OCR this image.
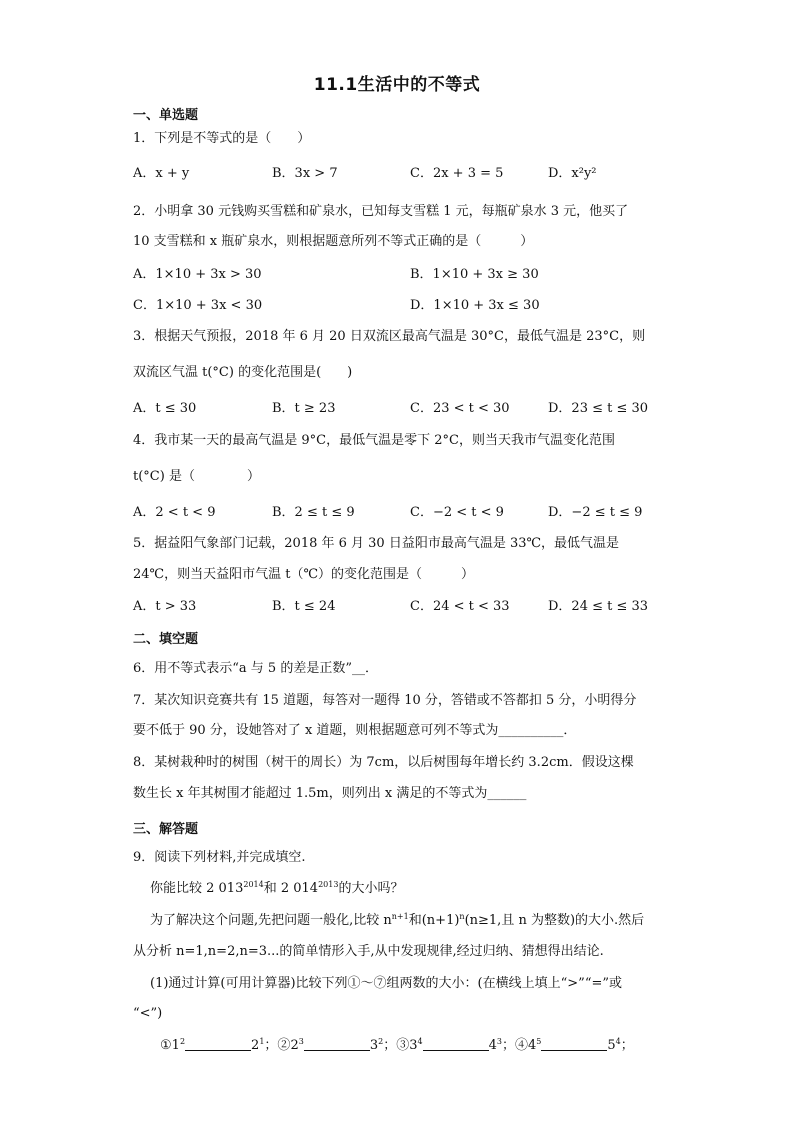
11.1生活中的不等式
一、单选题
1．下列是不等式的是（　　）
A．x + y	B．3x > 7	C．2x + 3 = 5	D．x²y²
2．小明拿 30 元钱购买雪糕和矿泉水，已知每支雪糕 1 元，每瓶矿泉水 3 元，他买了
10 支雪糕和 x 瓶矿泉水，则根据题意所列不等式正确的是（　　　）
A．1×10 + 3x > 30	B．1×10 + 3x ≥ 30
C．1×10 + 3x < 30	D．1×10 + 3x ≤ 30
3．根据天气预报，2018 年 6 月 20 日双流区最高气温是 30°C，最低气温是 23°C，则
双流区气温 t(°C) 的变化范围是(　　)
A．t ≤ 30	B．t ≥ 23	C．23 < t < 30	D．23 ≤ t ≤ 30
4．我市某一天的最高气温是 9°C，最低气温是零下 2°C，则当天我市气温变化范围
t(°C) 是（　　　　）
A．2 < t < 9	B．2 ≤ t ≤ 9	C．−2 < t < 9	D．−2 ≤ t ≤ 9
5．据益阳气象部门记载，2018 年 6 月 30 日益阳市最高气温是 33℃，最低气温是
24℃，则当天益阳市气温 t（℃）的变化范围是（　　　）
A．t > 33	B．t ≤ 24	C．24 < t < 33	D．24 ≤ t ≤ 33
二、填空题
6．用不等式表示“a 与 5 的差是正数”__．
7．某次知识竞赛共有 15 道题，每答对一题得 10 分，答错或不答都扣 5 分，小明得分
要不低于 90 分，设她答对了 x 道题，则根据题意可列不等式为__________．
8．某树栽种时的树围（树干的周长）为 7cm，以后树围每年增长约 3.2cm．假设这棵
数生长 x 年其树围才能超过 1.5m，则列出 x 满足的不等式为______
三、解答题
9．阅读下列材料,并完成填空.
你能比较 2 $013^{2014}$和 2 $014^{2013}$的大小吗？
为了解决这个问题,先把问题一般化,比较 $n^{n+1}$和$(n+1)^n(n\ge 1$,且 n 为整数)的大小.然后
从分析 n=1,n=2,n=3...的简单情形入手,从中发现规律,经过归纳、猜想得出结论.
(1)通过计算(可用计算器)比较下列①～⑦组两数的大小：(在横线上填上“>”“=”或
“<”)
$①1^2$	$2^1$；$②2^3$	$3^2$；$③3^4$	$4^3$；$④4^5$	$5^4$；
